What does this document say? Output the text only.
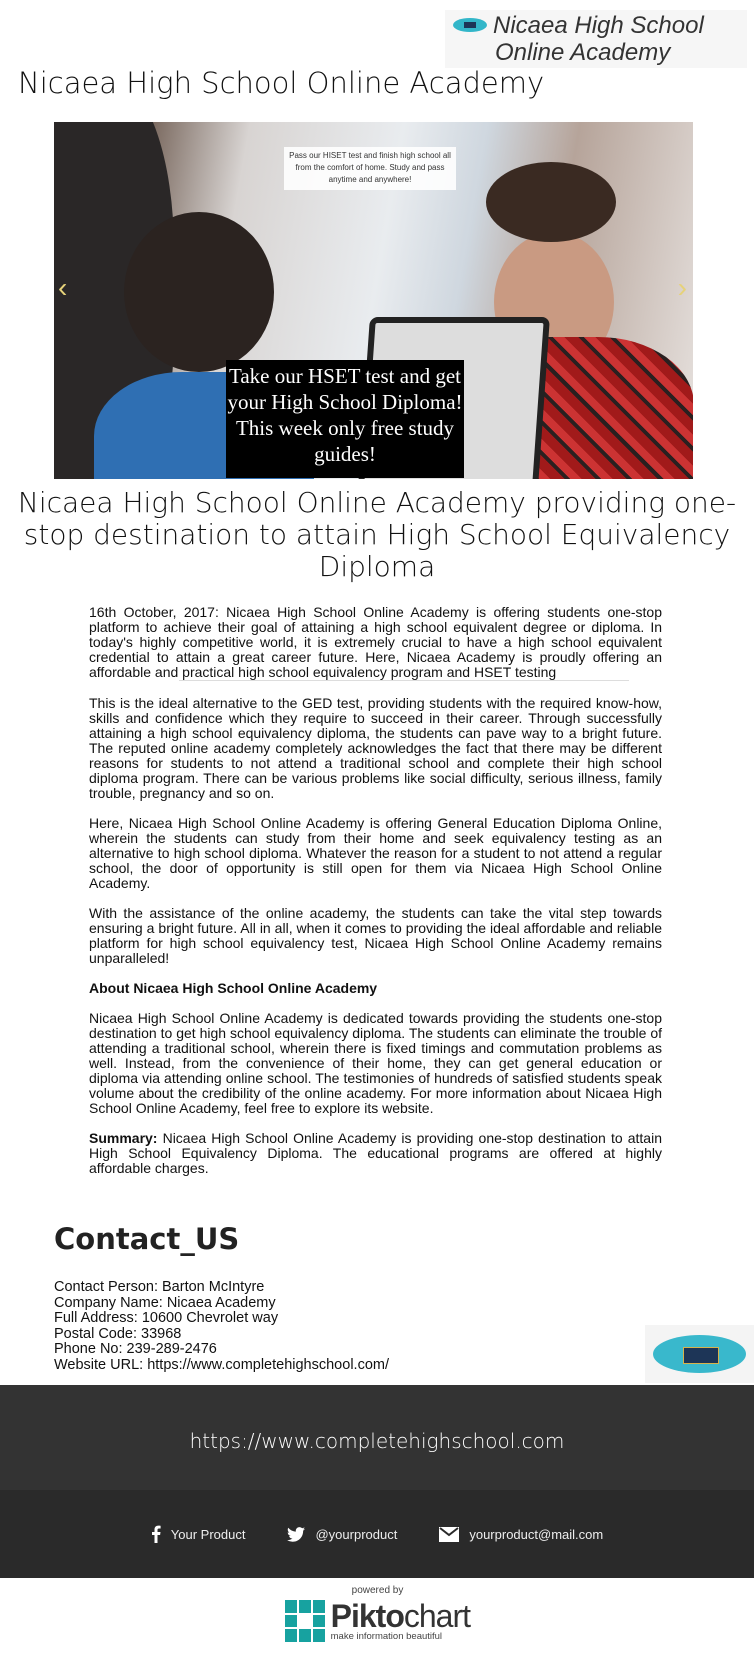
Nicaea High School
Online Academy
Nicaea High School Online Academy
Pass our HISET test and finish high school all from the comfort of home. Study and pass anytime and anywhere!
Take our HSET test and get your High School Diploma! This week only free study guides!
‹	›
Nicaea High School Online Academy providing one-stop destination to attain High School Equivalency Diploma

16th October, 2017: Nicaea High School Online Academy is offering students one-stop platform to achieve their goal of attaining a high school equivalent degree or diploma. In today's highly competitive world, it is extremely crucial to have a high school equivalent credential to attain a great career future. Here, Nicaea Academy is proudly offering an affordable and practical high school equivalency program and HSET testing

This is the ideal alternative to the GED test, providing students with the required know-how, skills and confidence which they require to succeed in their career. Through successfully attaining a high school equivalency diploma, the students can pave way to a bright future. The reputed online academy completely acknowledges the fact that there may be different reasons for students to not attend a traditional school and complete their high school diploma program. There can be various problems like social difficulty, serious illness, family trouble, pregnancy and so on.

Here, Nicaea High School Online Academy is offering General Education Diploma Online, wherein the students can study from their home and seek equivalency testing as an alternative to high school diploma. Whatever the reason for a student to not attend a regular school, the door of opportunity is still open for them via Nicaea High School Online Academy.

With the assistance of the online academy, the students can take the vital step towards ensuring a bright future. All in all, when it comes to providing the ideal affordable and reliable platform for high school equivalency test, Nicaea High School Online Academy remains unparalleled!

About Nicaea High School Online Academy

Nicaea High School Online Academy is dedicated towards providing the students one-stop destination to get high school equivalency diploma. The students can eliminate the trouble of attending a traditional school, wherein there is fixed timings and commutation problems as well. Instead, from the convenience of their home, they can get general education or diploma via attending online school. The testimonies of hundreds of satisfied students speak volume about the credibility of the online academy. For more information about Nicaea High School Online Academy, feel free to explore its website.

Summary: Nicaea High School Online Academy is providing one-stop destination to attain High School Equivalency Diploma. The educational programs are offered at highly affordable charges.

Contact_US
Contact Person: Barton McIntyre
Company Name: Nicaea Academy
Full Address: 10600 Chevrolet way
Postal Code: 33968
Phone No: 239-289-2476
Website URL: https://www.completehighschool.com/
https://www.completehighschool.com
Your Product	@yourproduct	yourproduct@mail.com
powered by
Piktochart
make information beautiful
